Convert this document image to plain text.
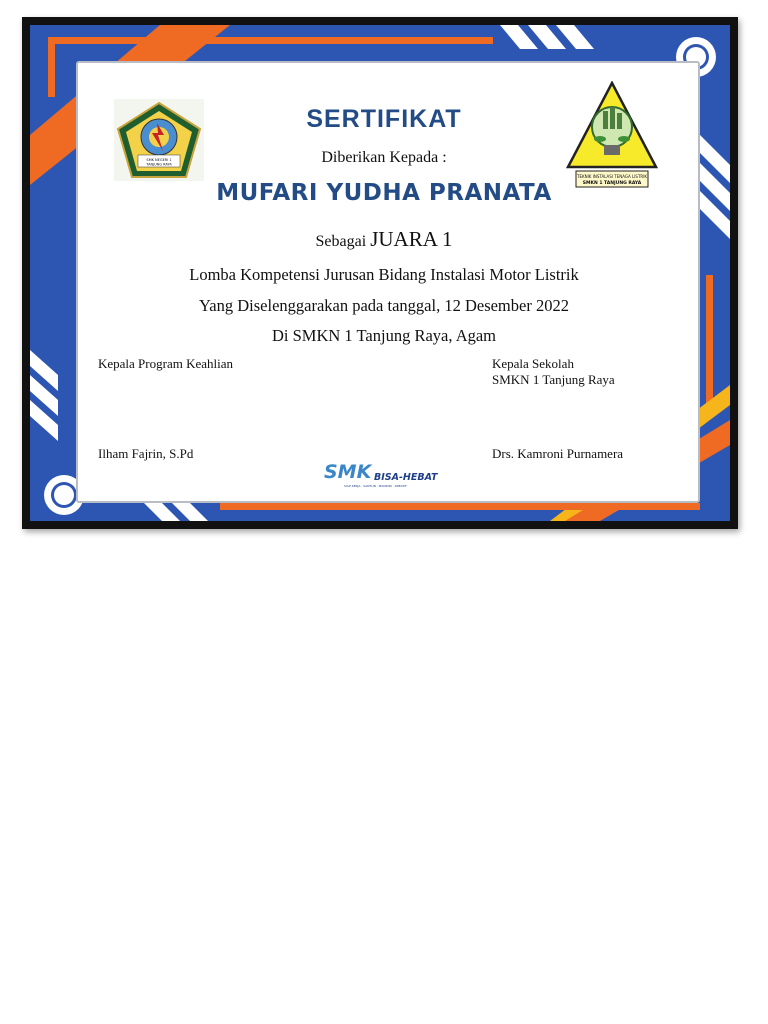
SMK NEGERI 1
TANJUNG RAYA
TEKNIK INSTALASI TENAGA LISTRIK
SMKN 1 TANJUNG RAYA
SERTIFIKAT
Diberikan Kepada :
MUFARI YUDHA PRANATA
Sebagai JUARA 1
Lomba Kompetensi Jurusan Bidang Instalasi Motor Listrik
Yang Diselenggarakan pada tanggal, 12 Desember 2022
Di SMKN 1 Tanjung Raya, Agam
Kepala Program Keahlian	Kepala Sekolah
SMKN 1 Tanjung Raya
Ilham Fajrin, S.Pd	Drs. Kamroni Purnamera
SMK BISA-HEBAT
SIAP KERJA · SANTUN · MANDIRI · KREATIF
